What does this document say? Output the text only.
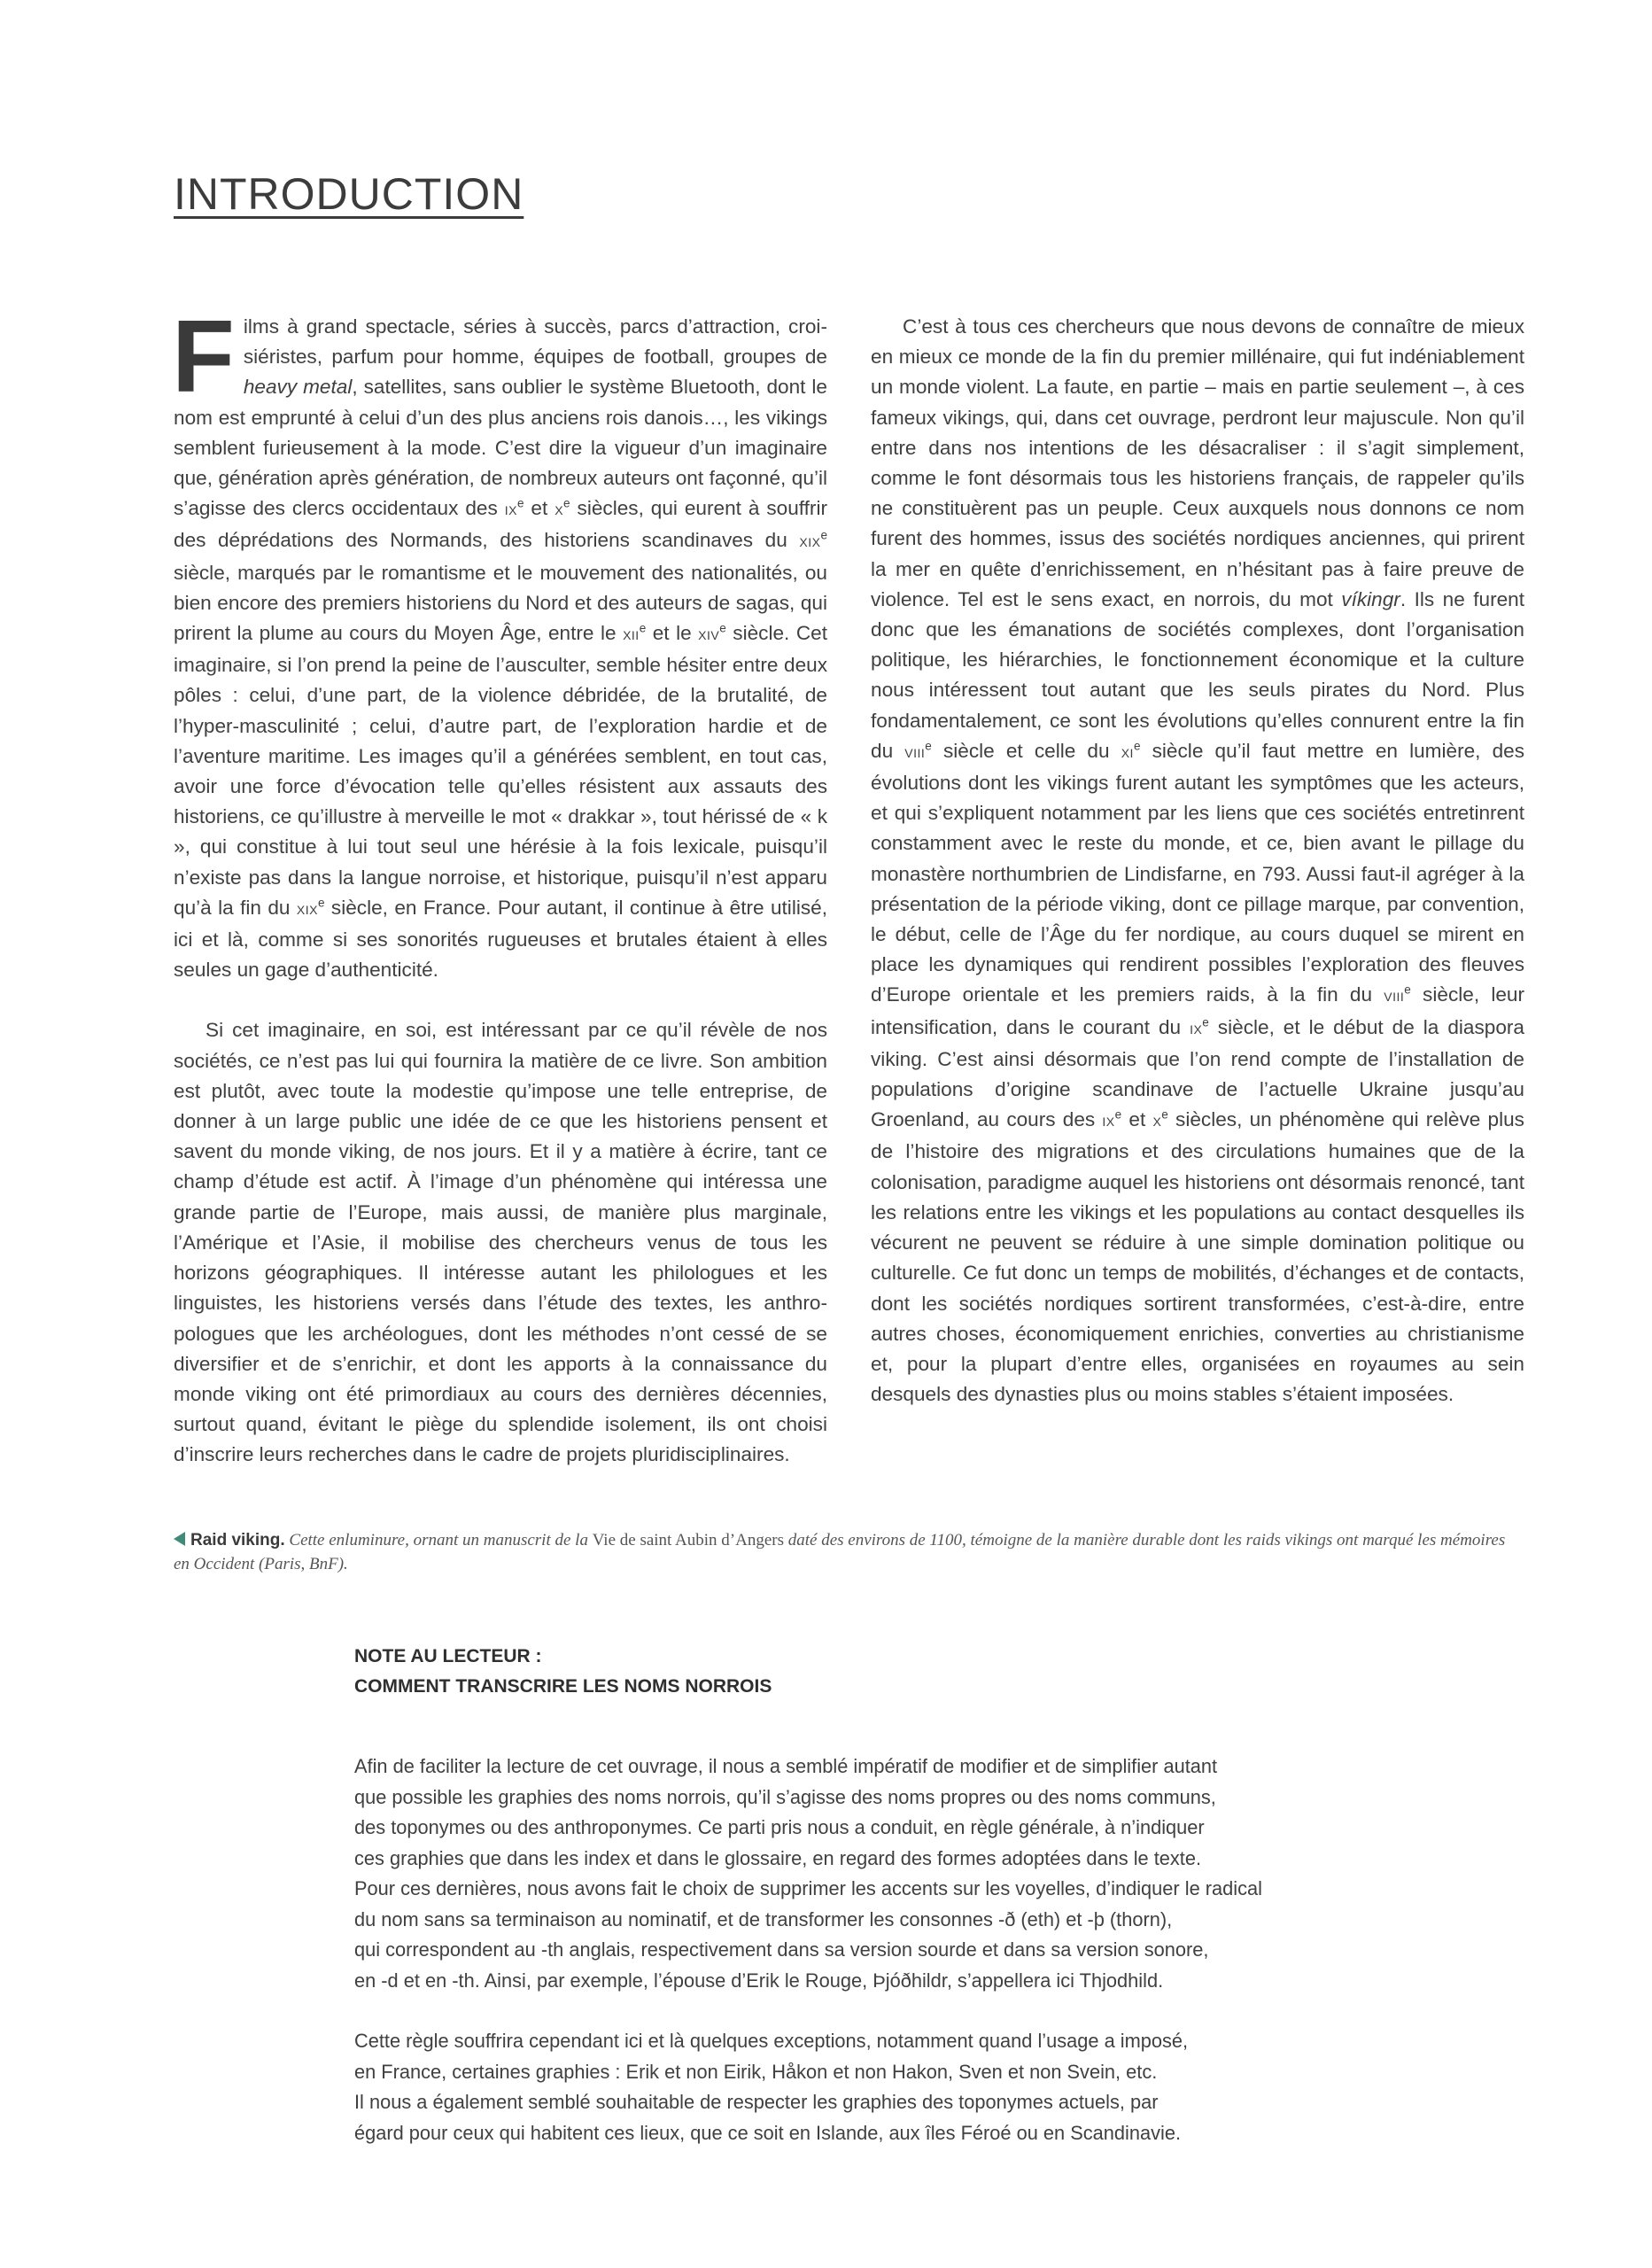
INTRODUCTION

Films à grand spectacle, séries à succès, parcs d’attraction, croisiéristes, parfum pour homme, équipes de football, groupes de heavy metal, satellites, sans oublier le système Bluetooth, dont le nom est emprunté à celui d’un des plus anciens rois danois…, les vikings semblent furieusement à la mode. C’est dire la vigueur d’un imaginaire que, génération après génération, de nombreux auteurs ont façonné, qu’il s’agisse des clercs occidentaux des IXe et Xe siècles, qui eurent à souffrir des déprédations des Normands, des historiens scandinaves du XIXe siècle, marqués par le romantisme et le mouvement des nationalités, ou bien encore des premiers historiens du Nord et des auteurs de sagas, qui prirent la plume au cours du Moyen Âge, entre le XIIe et le XIVe siècle. Cet imaginaire, si l’on prend la peine de l’ausculter, semble hésiter entre deux pôles : celui, d’une part, de la violence débridée, de la brutalité, de l’hyper-masculinité ; celui, d’autre part, de l’exploration hardie et de l’aventure maritime. Les images qu’il a générées semblent, en tout cas, avoir une force d’évocation telle qu’elles résistent aux assauts des historiens, ce qu’illustre à merveille le mot « drakkar », tout hérissé de « k », qui constitue à lui tout seul une hérésie à la fois lexicale, puisqu’il n’existe pas dans la langue norroise, et historique, puisqu’il n’est apparu qu’à la fin du XIXe siècle, en France. Pour autant, il continue à être utilisé, ici et là, comme si ses sonorités rugueuses et brutales étaient à elles seules un gage d’authenticité.

Si cet imaginaire, en soi, est intéressant par ce qu’il révèle de nos sociétés, ce n’est pas lui qui fournira la matière de ce livre. Son ambition est plutôt, avec toute la modestie qu’impose une telle entreprise, de donner à un large public une idée de ce que les historiens pensent et savent du monde viking, de nos jours. Et il y a matière à écrire, tant ce champ d’étude est actif. À l’image d’un phénomène qui intéressa une grande partie de l’Europe, mais aussi, de manière plus marginale, l’Amérique et l’Asie, il mobilise des chercheurs venus de tous les horizons géographiques. Il intéresse autant les philologues et les linguistes, les historiens versés dans l’étude des textes, les anthropologues que les archéologues, dont les méthodes n’ont cessé de se diversifier et de s’enrichir, et dont les apports à la connaissance du monde viking ont été primordiaux au cours des dernières décennies, surtout quand, évitant le piège du splendide isolement, ils ont choisi d’inscrire leurs recherches dans le cadre de projets pluridisciplinaires.

C’est à tous ces chercheurs que nous devons de connaître de mieux en mieux ce monde de la fin du premier millénaire, qui fut indéniablement un monde violent. La faute, en partie – mais en partie seulement –, à ces fameux vikings, qui, dans cet ouvrage, perdront leur majuscule. Non qu’il entre dans nos intentions de les désacraliser : il s’agit simplement, comme le font désormais tous les historiens français, de rappeler qu’ils ne constituèrent pas un peuple. Ceux auxquels nous donnons ce nom furent des hommes, issus des sociétés nordiques anciennes, qui prirent la mer en quête d’enrichissement, en n’hésitant pas à faire preuve de violence. Tel est le sens exact, en norrois, du mot víkingr. Ils ne furent donc que les émanations de sociétés complexes, dont l’organisation politique, les hiérarchies, le fonctionnement économique et la culture nous intéressent tout autant que les seuls pirates du Nord. Plus fondamentalement, ce sont les évolutions qu’elles connurent entre la fin du VIIIe siècle et celle du XIe siècle qu’il faut mettre en lumière, des évolutions dont les vikings furent autant les symptômes que les acteurs, et qui s’expliquent notamment par les liens que ces sociétés entretinrent constamment avec le reste du monde, et ce, bien avant le pillage du monastère northumbrien de Lindisfarne, en 793. Aussi faut-il agréger à la présentation de la période viking, dont ce pillage marque, par convention, le début, celle de l’Âge du fer nordique, au cours duquel se mirent en place les dynamiques qui rendirent possibles l’exploration des fleuves d’Europe orientale et les premiers raids, à la fin du VIIIe siècle, leur intensification, dans le courant du IXe siècle, et le début de la diaspora viking. C’est ainsi désormais que l’on rend compte de l’installation de populations d’origine scandinave de l’actuelle Ukraine jusqu’au Groenland, au cours des IXe et Xe siècles, un phénomène qui relève plus de l’histoire des migrations et des circulations humaines que de la colonisation, paradigme auquel les historiens ont désormais renoncé, tant les relations entre les vikings et les populations au contact desquelles ils vécurent ne peuvent se réduire à une simple domination politique ou culturelle. Ce fut donc un temps de mobilités, d’échanges et de contacts, dont les sociétés nordiques sortirent transformées, c’est-à-dire, entre autres choses, économiquement enrichies, converties au christianisme et, pour la plupart d’entre elles, organisées en royaumes au sein desquels des dynasties plus ou moins stables s’étaient imposées.

Raid viking. Cette enluminure, ornant un manuscrit de la Vie de saint Aubin d’Angers daté des environs de 1100, témoigne de la manière durable dont les raids vikings ont marqué les mémoires en Occident (Paris, BnF).
NOTE AU LECTEUR :
COMMENT TRANSCRIRE LES NOMS NORROIS
Afin de faciliter la lecture de cet ouvrage, il nous a semblé impératif de modifier et de simplifier autant
que possible les graphies des noms norrois, qu’il s’agisse des noms propres ou des noms communs,
des toponymes ou des anthroponymes. Ce parti pris nous a conduit, en règle générale, à n’indiquer
ces graphies que dans les index et dans le glossaire, en regard des formes adoptées dans le texte.
Pour ces dernières, nous avons fait le choix de supprimer les accents sur les voyelles, d’indiquer le radical
du nom sans sa terminaison au nominatif, et de transformer les consonnes -ð (eth) et -þ (thorn),
qui correspondent au -th anglais, respectivement dans sa version sourde et dans sa version sonore,
en -d et en -th. Ainsi, par exemple, l’épouse d’Erik le Rouge, Þjóðhildr, s’appellera ici Thjodhild.
Cette règle souffrira cependant ici et là quelques exceptions, notamment quand l’usage a imposé,
en France, certaines graphies : Erik et non Eirik, Håkon et non Hakon, Sven et non Svein, etc.
Il nous a également semblé souhaitable de respecter les graphies des toponymes actuels, par
égard pour ceux qui habitent ces lieux, que ce soit en Islande, aux îles Féroé ou en Scandinavie.
